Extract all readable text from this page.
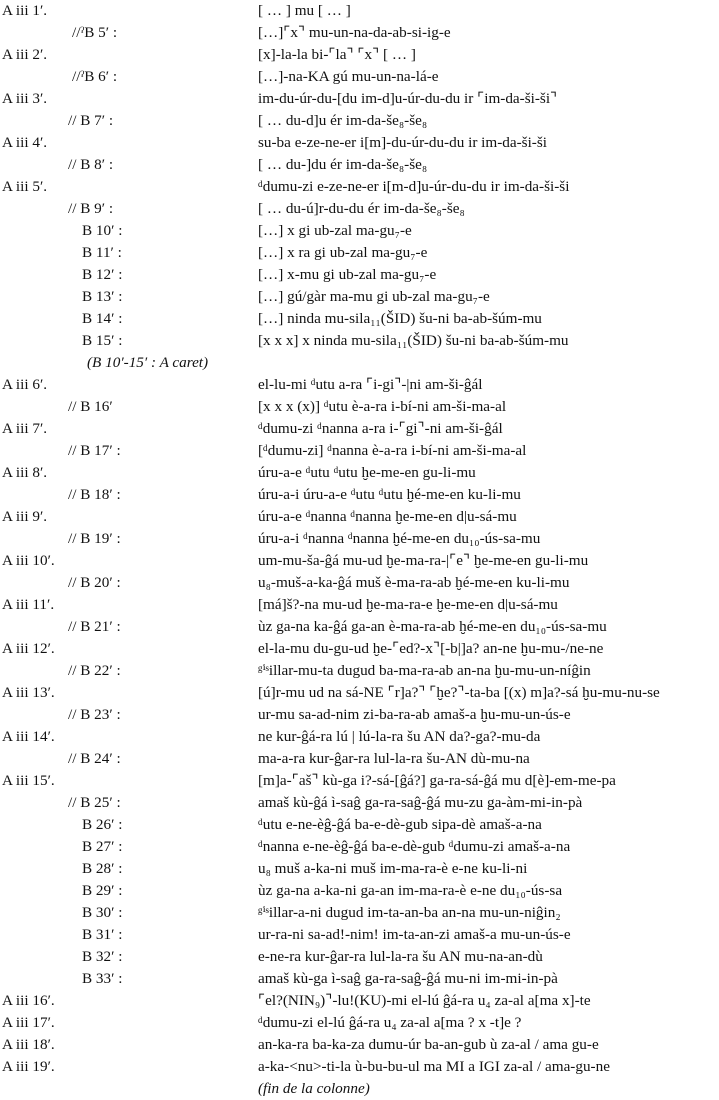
A iii 1′.	[ … ] mu [ … ]
//ˀB 5′ :	[…]⌜x⌝ mu-un-na-da-ab-si-ig-e
A iii 2′.	[x]-la-la bi-⌜la⌝ ⌜x⌝ [ … ]
//ˀB 6′ :	[…]-na-KA gú mu-un-na-lá-e
A iii 3′.	im-du-úr-du-[du im-d]u-úr-du-du ir ⌜im-da-ši-ši⌝
// B 7′ :	[ … du-d]u ér im-da-še₈-še₈
A iii 4′.	su-ba e-ze-ne-er i[m]-du-úr-du-du ir im-da-ši-ši
// B 8′ :	[ … du-]du ér im-da-še₈-še₈
A iii 5′.	ᵈdumu-zi e-ze-ne-er i[m-d]u-úr-du-du ir im-da-ši-ši
// B 9′ :	[ … du-ú]r-du-du ér im-da-še₈-še₈
B 10′ :	[…] x gi ub-zal ma-gu₇-e
B 11′ :	[…] x ra gi ub-zal ma-gu₇-e
B 12′ :	[…] x-mu gi ub-zal ma-gu₇-e
B 13′ :	[…] gú/gàr ma-mu gi ub-zal ma-gu₇-e
B 14′ :	[…] ninda mu-sila₁₁(ŠID) šu-ni ba-ab-šúm-mu
B 15′ :	[x x x] x ninda mu-sila₁₁(ŠID) šu-ni ba-ab-šúm-mu
(B 10′-15′ : A caret)
A iii 6′.	el-lu-mi ᵈutu a-ra ⌜i-gi⌝-|ni am-ši-ĝál
// B 16′	[x x x (x)] ᵈutu è-a-ra i-bí-ni am-ši-ma-al
A iii 7′.	ᵈdumu-zi ᵈnanna a-ra i-⌜gi⌝-ni am-ši-ĝál
// B 17′ :	[ᵈdumu-zi] ᵈnanna è-a-ra i-bí-ni am-ši-ma-al
A iii 8′.	úru-a-e ᵈutu ᵈutu ḫe-me-en gu-li-mu
// B 18′ :	úru-a-i úru-a-e ᵈutu ᵈutu ḫé-me-en ku-li-mu
A iii 9′.	úru-a-e ᵈnanna ᵈnanna ḫe-me-en d|u-sá-mu
// B 19′ :	úru-a-i ᵈnanna ᵈnanna ḫé-me-en du₁₀-ús-sa-mu
A iii 10′.	um-mu-ša-ĝá mu-ud ḫe-ma-ra-|⌜e⌝ ḫe-me-en gu-li-mu
// B 20′ :	u₈-muš-a-ka-ĝá muš è-ma-ra-ab ḫé-me-en ku-li-mu
A iii 11′.	[má]š?-na mu-ud ḫe-ma-ra-e ḫe-me-en d|u-sá-mu
// B 21′ :	ùz ga-na ka-ĝá ga-an è-ma-ra-ab ḫé-me-en du₁₀-ús-sa-mu
A iii 12′.	el-la-mu du-gu-ud ḫe-⌜ed?-x⌝[-b|]a? an-ne ḫu-mu-/ne-ne
// B 22′ :	ᵍⁱˢillar-mu-ta dugud ba-ma-ra-ab an-na ḫu-mu-un-níĝin
A iii 13′.	[ú]r-mu ud na sá-NE ⌜r]a?⌝ ⌜ḫe?⌝-ta-ba [(x) m]a?-sá ḫu-mu-nu-se
// B 23′ :	ur-mu sa-ad-nim zi-ba-ra-ab amaš-a ḫu-mu-un-ús-e
A iii 14′.	ne kur-ĝá-ra lú | lú-la-ra šu AN da?-ga?-mu-da
// B 24′ :	ma-a-ra kur-ĝar-ra lul-la-ra šu-AN dù-mu-na
A iii 15′.	[m]a-⌜aš⌝ kù-ga i?-sá-[ĝá?] ga-ra-sá-ĝá mu d[è]-em-me-pa
// B 25′ :	amaš kù-ĝá ì-saĝ ga-ra-saĝ-ĝá mu-zu ga-àm-mi-in-pà
B 26′ :	ᵈutu e-ne-èĝ-ĝá ba-e-dè-gub sipa-dè amaš-a-na
B 27′ :	ᵈnanna e-ne-èĝ-ĝá ba-e-dè-gub ᵈdumu-zi amaš-a-na
B 28′ :	u₈ muš a-ka-ni muš im-ma-ra-è e-ne ku-li-ni
B 29′ :	ùz ga-na a-ka-ni ga-an im-ma-ra-è e-ne du₁₀-ús-sa
B 30′ :	ᵍⁱˢillar-a-ni dugud im-ta-an-ba an-na mu-un-niĝin₂
B 31′ :	ur-ra-ni sa-ad!-nim! im-ta-an-zi amaš-a mu-un-ús-e
B 32′ :	e-ne-ra kur-ĝar-ra lul-la-ra šu AN mu-na-an-dù
B 33′ :	amaš kù-ga ì-saĝ ga-ra-saĝ-ĝá mu-ni im-mi-in-pà
A iii 16′.	⌜el?(NIN₉)⌝-lu!(KU)-mi el-lú ĝá-ra u₄ za-al a[ma x]-te
A iii 17′.	ᵈdumu-zi el-lú ĝá-ra u₄ za-al a[ma ? x -t]e ?
A iii 18′.	an-ka-ra ba-ka-za dumu-úr ba-an-gub ù za-al / ama gu-e
A iii 19′.	a-ka-<nu>-ti-la ù-bu-bu-ul ma MI a IGI za-al / ama-gu-ne
(fin de la colonne)
